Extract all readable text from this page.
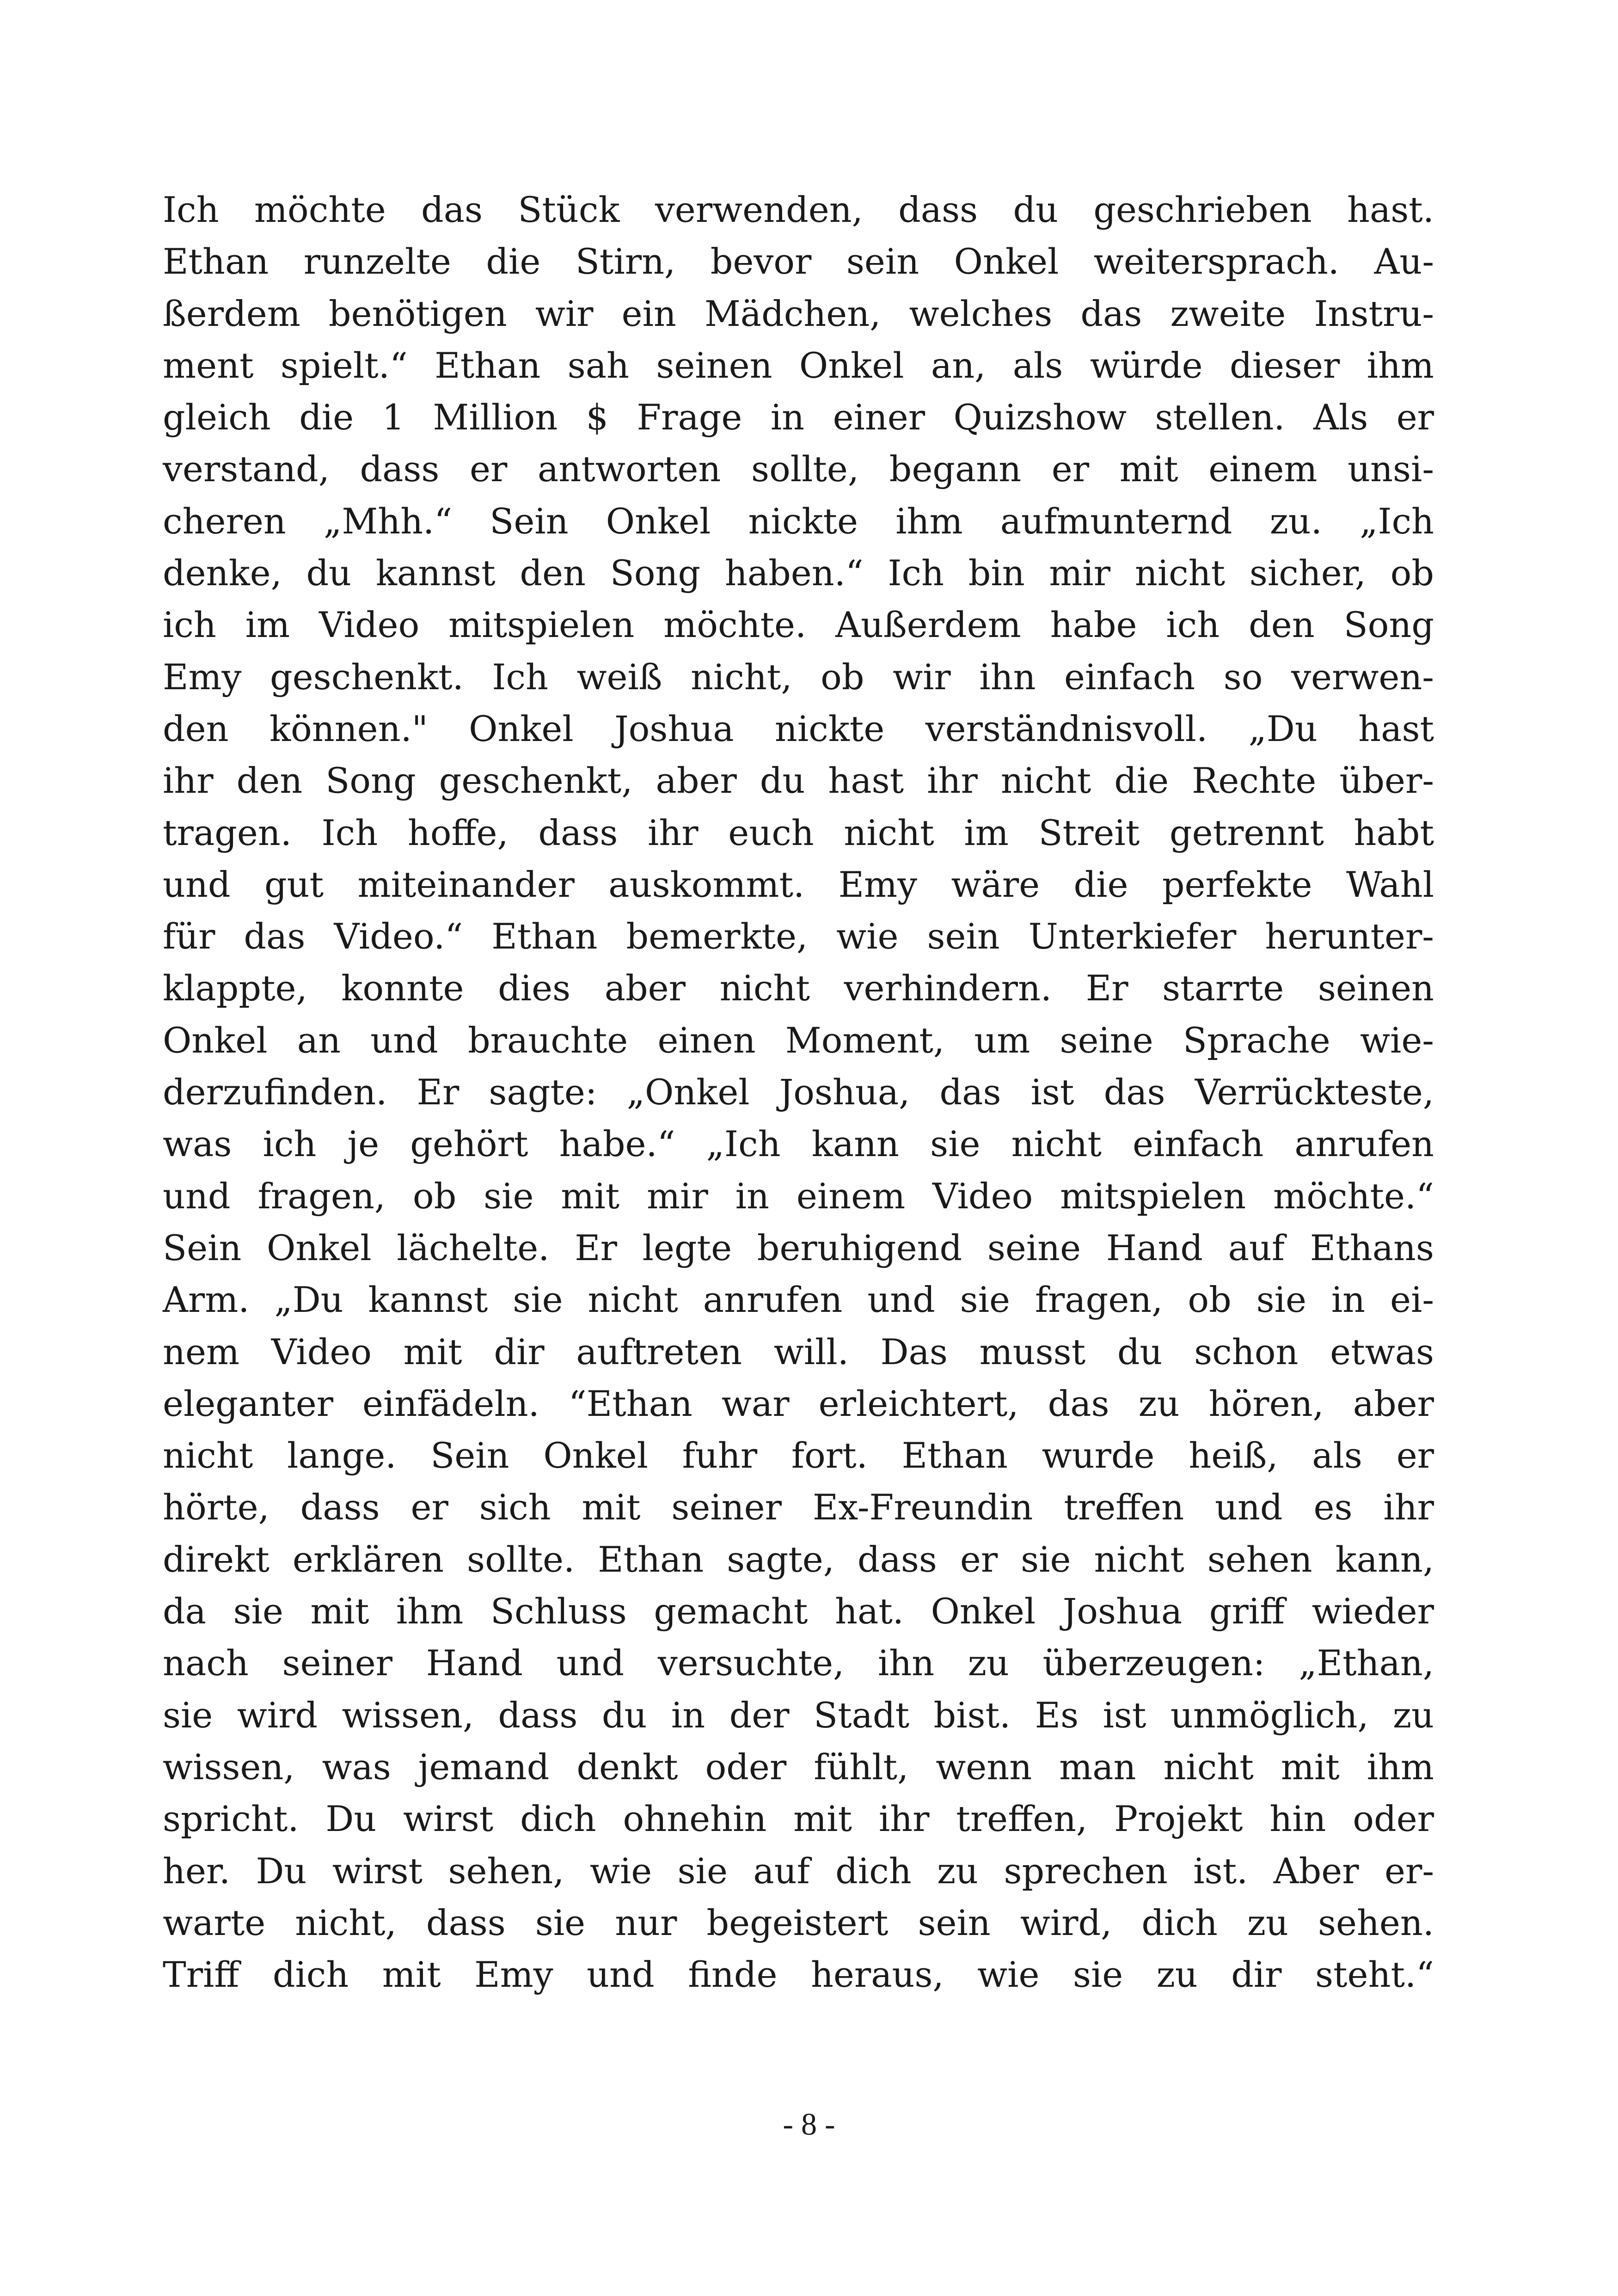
Ich möchte das Stück verwenden, dass du geschrieben hast.
Ethan runzelte die Stirn, bevor sein Onkel weitersprach. Au-
ßerdem benötigen wir ein Mädchen, welches das zweite Instru-
ment spielt.“ Ethan sah seinen Onkel an, als würde dieser ihm
gleich die 1 Million $ Frage in einer Quizshow stellen. Als er
verstand, dass er antworten sollte, begann er mit einem unsi-
cheren „Mhh.“ Sein Onkel nickte ihm aufmunternd zu. „Ich
denke, du kannst den Song haben.“ Ich bin mir nicht sicher, ob
ich im Video mitspielen möchte. Außerdem habe ich den Song
Emy geschenkt. Ich weiß nicht, ob wir ihn einfach so verwen-
den können." Onkel Joshua nickte verständnisvoll. „Du hast
ihr den Song geschenkt, aber du hast ihr nicht die Rechte über-
tragen. Ich hoffe, dass ihr euch nicht im Streit getrennt habt
und gut miteinander auskommt. Emy wäre die perfekte Wahl
für das Video.“ Ethan bemerkte, wie sein Unterkiefer herunter-
klappte, konnte dies aber nicht verhindern. Er starrte seinen
Onkel an und brauchte einen Moment, um seine Sprache wie-
derzufinden. Er sagte: „Onkel Joshua, das ist das Verrückteste,
was ich je gehört habe.“ „Ich kann sie nicht einfach anrufen
und fragen, ob sie mit mir in einem Video mitspielen möchte.“
Sein Onkel lächelte. Er legte beruhigend seine Hand auf Ethans
Arm. „Du kannst sie nicht anrufen und sie fragen, ob sie in ei-
nem Video mit dir auftreten will. Das musst du schon etwas
eleganter einfädeln. “Ethan war erleichtert, das zu hören, aber
nicht lange. Sein Onkel fuhr fort. Ethan wurde heiß, als er
hörte, dass er sich mit seiner Ex-Freundin treffen und es ihr
direkt erklären sollte. Ethan sagte, dass er sie nicht sehen kann,
da sie mit ihm Schluss gemacht hat. Onkel Joshua griff wieder
nach seiner Hand und versuchte, ihn zu überzeugen: „Ethan,
sie wird wissen, dass du in der Stadt bist. Es ist unmöglich, zu
wissen, was jemand denkt oder fühlt, wenn man nicht mit ihm
spricht. Du wirst dich ohnehin mit ihr treffen, Projekt hin oder
her. Du wirst sehen, wie sie auf dich zu sprechen ist. Aber er-
warte nicht, dass sie nur begeistert sein wird, dich zu sehen.
Triff dich mit Emy und finde heraus, wie sie zu dir steht.“
- 8 -
